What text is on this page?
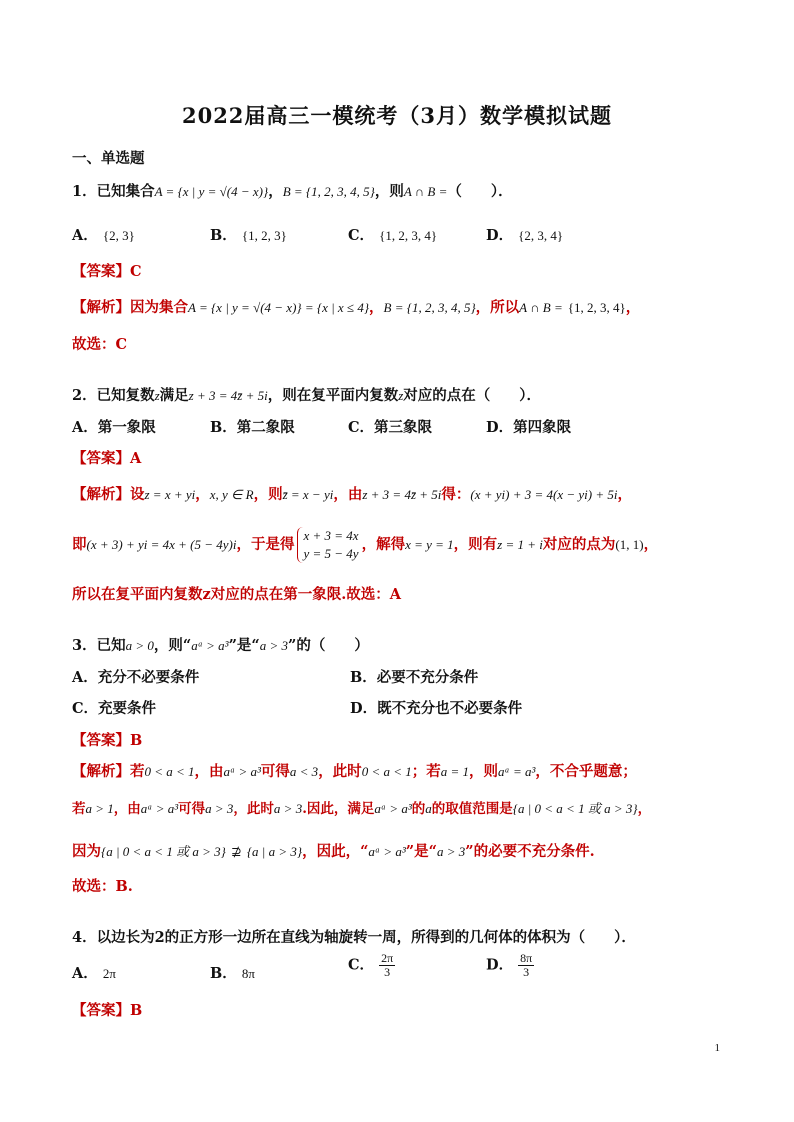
2022届高三一模统考（3月）数学模拟试题
一、单选题
1．已知集合A = {x | y = √(4 − x)}，B = {1, 2, 3, 4, 5}，则A ∩ B =（　　）．
A． {2, 3}	B． {1, 2, 3}	C． {1, 2, 3, 4}	D． {2, 3, 4}
【答案】C
【解析】因为集合A = {x | y = √(4 − x)} = {x | x ≤ 4}，B = {1, 2, 3, 4, 5}，所以A ∩ B = {1, 2, 3, 4}，
故选：C
2．已知复数z满足z + 3 = 4z̄ + 5i，则在复平面内复数z对应的点在（　　）．
A．第一象限	B．第二象限	C．第三象限	D．第四象限
【答案】A
【解析】设z = x + yi，x, y ∈ R，则z̄ = x − yi，由z + 3 = 4z̄ + 5i得：(x + yi) + 3 = 4(x − yi) + 5i，
即(x + 3) + yi = 4x + (5 − 4y)i，于是得
x + 3 = 4x
y = 5 − 4y
，解得x = y = 1，则有z = 1 + i对应的点为(1, 1)，
所以在复平面内复数z对应的点在第一象限.故选：A
3．已知a > 0，则“aᵃ > a³”是“a > 3”的（　　）
A．充分不必要条件	B．必要不充分条件
C．充要条件	D．既不充分也不必要条件
【答案】B
【解析】若0 < a < 1，由aᵃ > a³可得a < 3，此时0 < a < 1；若a = 1，则aᵃ = a³，不合乎题意；
若a > 1，由aᵃ > a³可得a > 3，此时a > 3.因此，满足aᵃ > a³的a的取值范围是{a | 0 < a < 1 或 a > 3}，
因为{a | 0 < a < 1 或 a > 3} ⊉ {a | a > 3}，因此，“aᵃ > a³”是“a > 3”的必要不充分条件.
故选：B.
4．以边长为2的正方形一边所在直线为轴旋转一周，所得到的几何体的体积为（　　）．
A． 2π	B． 8π	C． $\frac{2\pi}{3}$	D． $\frac{8\pi}{3}$
【答案】B
1
